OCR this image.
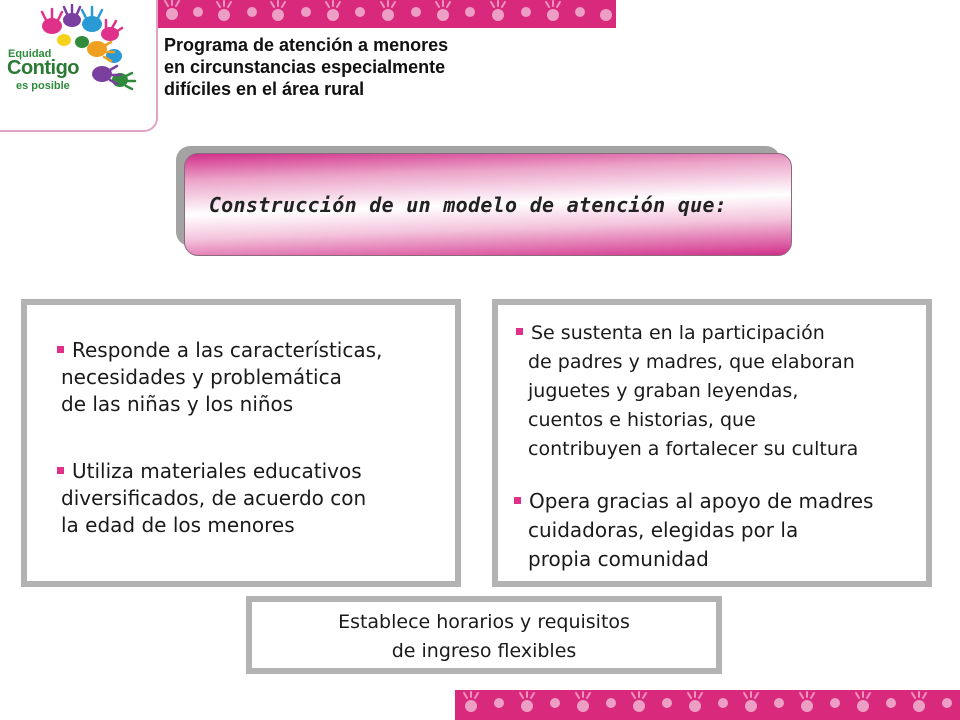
Equidad
Contigo
es posible
Programa de atención a menores
en circunstancias especialmente
difíciles en el área rural
Construcción de un modelo de atención que:
Responde a las características,
necesidades y problemática
de las niñas y los niños
Utiliza materiales educativos
diversificados, de acuerdo con
la edad de los menores
Se sustenta en la participación
de padres y madres, que elaboran
juguetes y graban leyendas,
cuentos e historias, que
contribuyen a fortalecer su cultura
Opera gracias al apoyo de madres
cuidadoras, elegidas por la
propia comunidad
Establece horarios y requisitos
de ingreso flexibles
